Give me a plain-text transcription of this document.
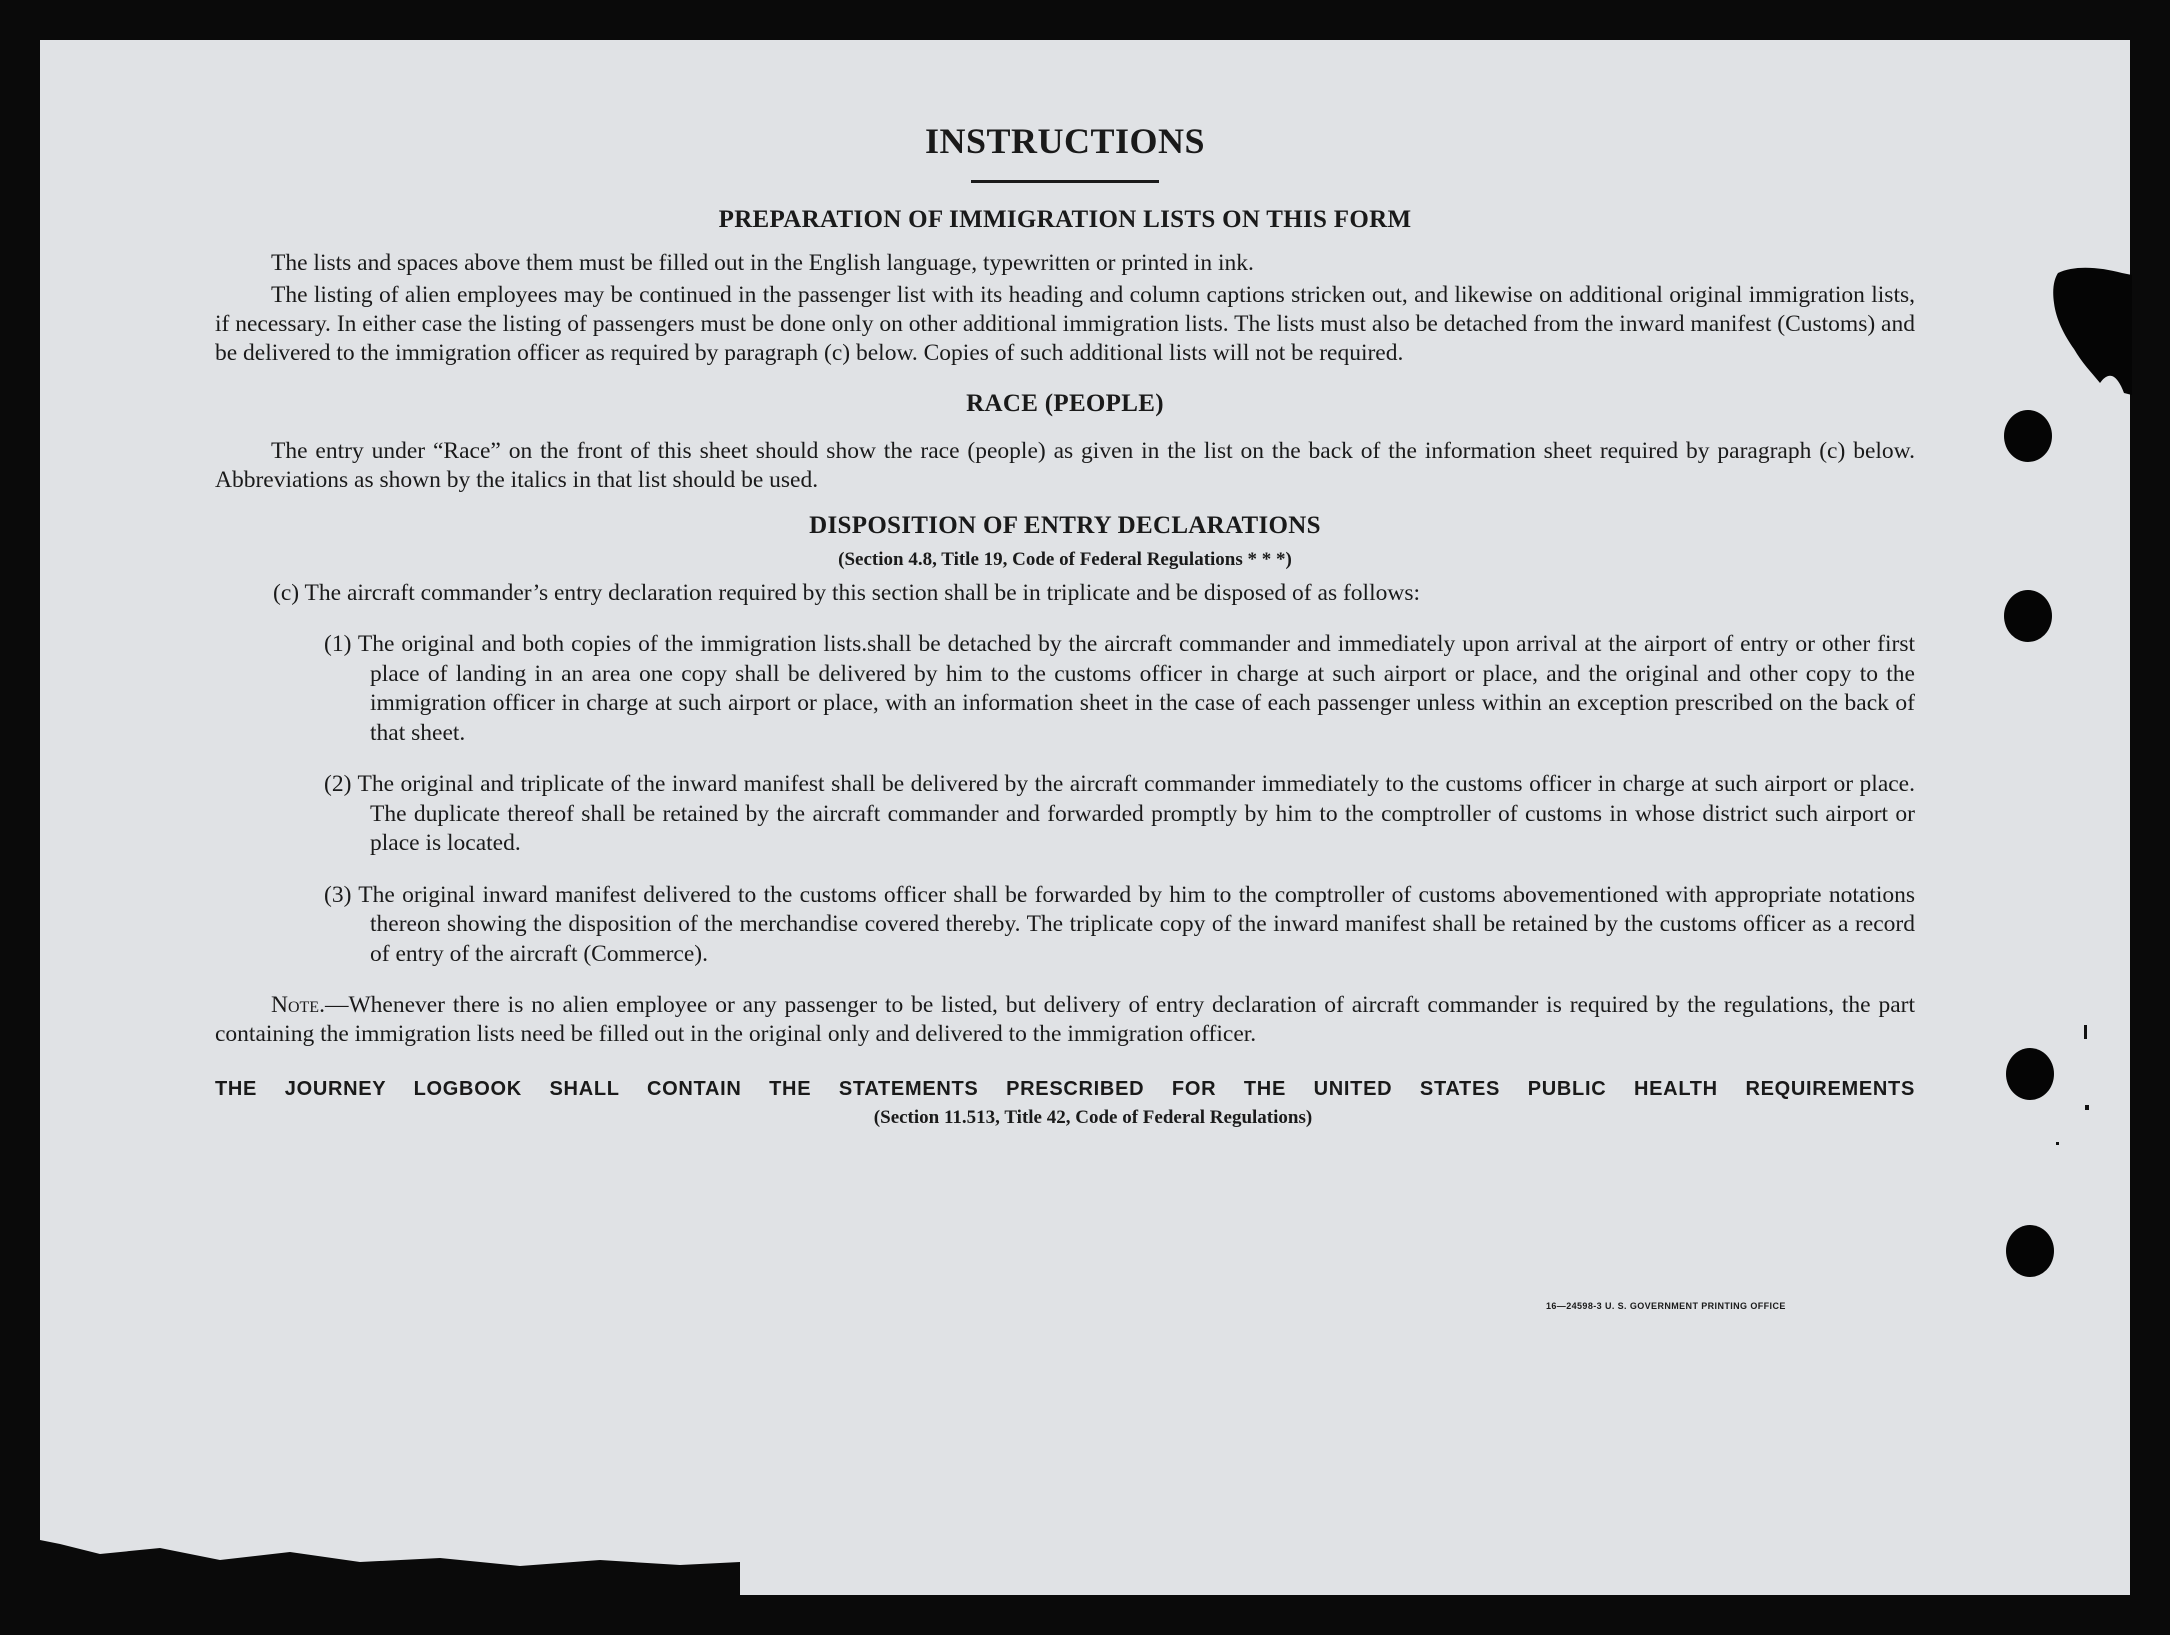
INSTRUCTIONS
PREPARATION OF IMMIGRATION LISTS ON THIS FORM

The lists and spaces above them must be filled out in the English language, typewritten or printed in ink.

The listing of alien employees may be continued in the passenger list with its heading and column captions stricken out, and likewise on additional original immigration lists, if necessary. In either case the listing of passengers must be done only on other additional immigration lists. The lists must also be detached from the inward manifest (Customs) and be delivered to the immigration officer as required by paragraph (c) below. Copies of such additional lists will not be required.

RACE (PEOPLE)

The entry under “Race” on the front of this sheet should show the race (people) as given in the list on the back of the information sheet required by paragraph (c) below. Abbreviations as shown by the italics in that list should be used.

DISPOSITION OF ENTRY DECLARATIONS
(Section 4.8, Title 19, Code of Federal Regulations * * *)

(c) The aircraft commander’s entry declaration required by this section shall be in triplicate and be disposed of as follows:

(1) The original and both copies of the immigration lists.shall be detached by the aircraft commander and immediately upon arrival at the airport of entry or other first place of landing in an area one copy shall be delivered by him to the customs officer in charge at such airport or place, and the original and other copy to the immigration officer in charge at such airport or place, with an information sheet in the case of each passenger unless within an exception prescribed on the back of that sheet.
(2) The original and triplicate of the inward manifest shall be delivered by the aircraft commander immediately to the customs officer in charge at such airport or place. The duplicate thereof shall be retained by the aircraft commander and forwarded promptly by him to the comptroller of customs in whose district such airport or place is located.
(3) The original inward manifest delivered to the customs officer shall be forwarded by him to the comptroller of customs abovementioned with appropriate notations thereon showing the disposition of the merchandise covered thereby. The triplicate copy of the inward manifest shall be retained by the customs officer as a record of entry of the aircraft (Commerce).

Note.—Whenever there is no alien employee or any passenger to be listed, but delivery of entry declaration of aircraft commander is required by the regulations, the part containing the immigration lists need be filled out in the original only and delivered to the immigration officer.

THE JOURNEY LOGBOOK SHALL CONTAIN THE STATEMENTS PRESCRIBED FOR THE UNITED STATES PUBLIC HEALTH REQUIREMENTS

(Section 11.513, Title 42, Code of Federal Regulations)

16—24598-3 U. S. GOVERNMENT PRINTING OFFICE
